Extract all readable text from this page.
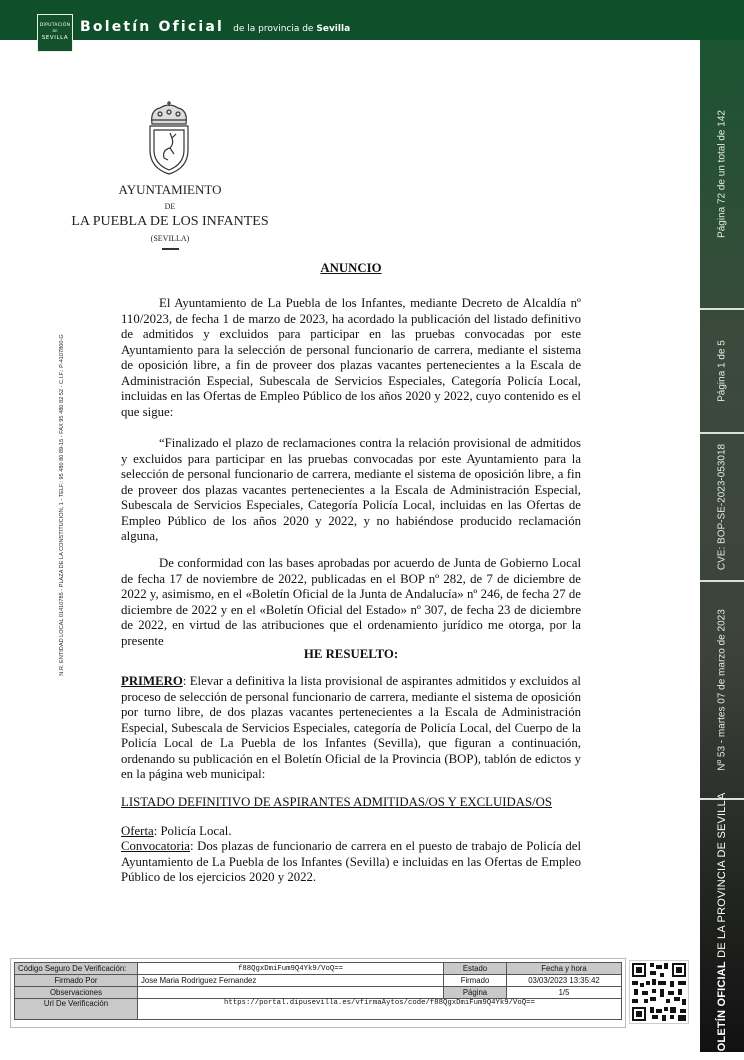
Boletín Oficial de la provincia de Sevilla
DIPUTACIÓN
DE
SEVILLA
Página 72 de un total de 142
Página 1 de 5
CVE: BOP-SE-2023-053018
Nº 53 - martes 07 de marzo de 2023
BOLETÍN OFICIAL DE LA PROVINCIA DE SEVILLA
N.R. ENTIDAD LOCAL 01410785 - PLAZA DE LA CONSTITUCION, 1 - TELF.: 95 480 80 89-15 - FAX 95 480 82 52 - C.I.F.: P-4107800-G
AYUNTAMIENTO
DE
LA PUEBLA DE LOS INFANTES
(SEVILLA)
ANUNCIO
El Ayuntamiento de La Puebla de los Infantes, mediante Decreto de Alcaldía nº 110/2023, de fecha 1 de marzo de 2023, ha acordado la publicación del listado definitivo de admitidos y excluidos para participar en las pruebas convocadas por este Ayuntamiento para la selección de personal funcionario de carrera, mediante el sistema de oposición libre, a fin de proveer dos plazas vacantes pertenecientes a la Escala de Administración Especial, Subescala de Servicios Especiales, Categoría Policía Local, incluidas en las Ofertas de Empleo Público de los años 2020 y 2022, cuyo contenido es el que sigue:
“Finalizado el plazo de reclamaciones contra la relación provisional de admitidos y excluidos para participar en las pruebas convocadas por este Ayuntamiento para la selección de personal funcionario de carrera, mediante el sistema de oposición libre, a fin de proveer dos plazas vacantes pertenecientes a la Escala de Administración Especial, Subescala de Servicios Especiales, Categoría Policía Local, incluidas en las Ofertas de Empleo Público de los años 2020 y 2022, y no habiéndose producido reclamación alguna,
De conformidad con las bases aprobadas por acuerdo de Junta de Gobierno Local de fecha 17 de noviembre de 2022, publicadas en el BOP nº 282, de 7 de diciembre de 2022 y, asimismo, en el «Boletín Oficial de la Junta de Andalucía» nº 246, de fecha 27 de diciembre de 2022 y en el «Boletín Oficial del Estado» nº 307, de fecha 23 de diciembre de 2022, en virtud de las atribuciones que el ordenamiento jurídico me otorga, por la presente
HE RESUELTO:
PRIMERO: Elevar a definitiva la lista provisional de aspirantes admitidos y excluidos al proceso de selección de personal funcionario de carrera, mediante el sistema de oposición por turno libre, de dos plazas vacantes pertenecientes a la Escala de Administración Especial, Subescala de Servicios Especiales, categoría de Policía Local, del Cuerpo de la Policía Local de La Puebla de los Infantes (Sevilla), que figuran a continuación, ordenando su publicación en el Boletín Oficial de la Provincia (BOP), tablón de edictos y en la página web municipal:
LISTADO DEFINITIVO DE ASPIRANTES ADMITIDAS/OS Y EXCLUIDAS/OS
Oferta: Policía Local.
Convocatoria: Dos plazas de funcionario de carrera en el puesto de trabajo de Policía del Ayuntamiento de La Puebla de los Infantes (Sevilla) e incluidas en las Ofertas de Empleo Público de los ejercicios 2020 y 2022.
Código Seguro De Verificación:	f88QgxDmiFum9Q4Yk9/VoQ==	Estado	Fecha y hora
Firmado Por	Jose Maria Rodriguez Fernandez	Firmado	03/03/2023 13:35:42
Observaciones		Página	1/5
Url De Verificación	https://portal.dipusevilla.es/vfirmaAytos/code/f88QgxDmiFum9Q4Yk9/VoQ==		
